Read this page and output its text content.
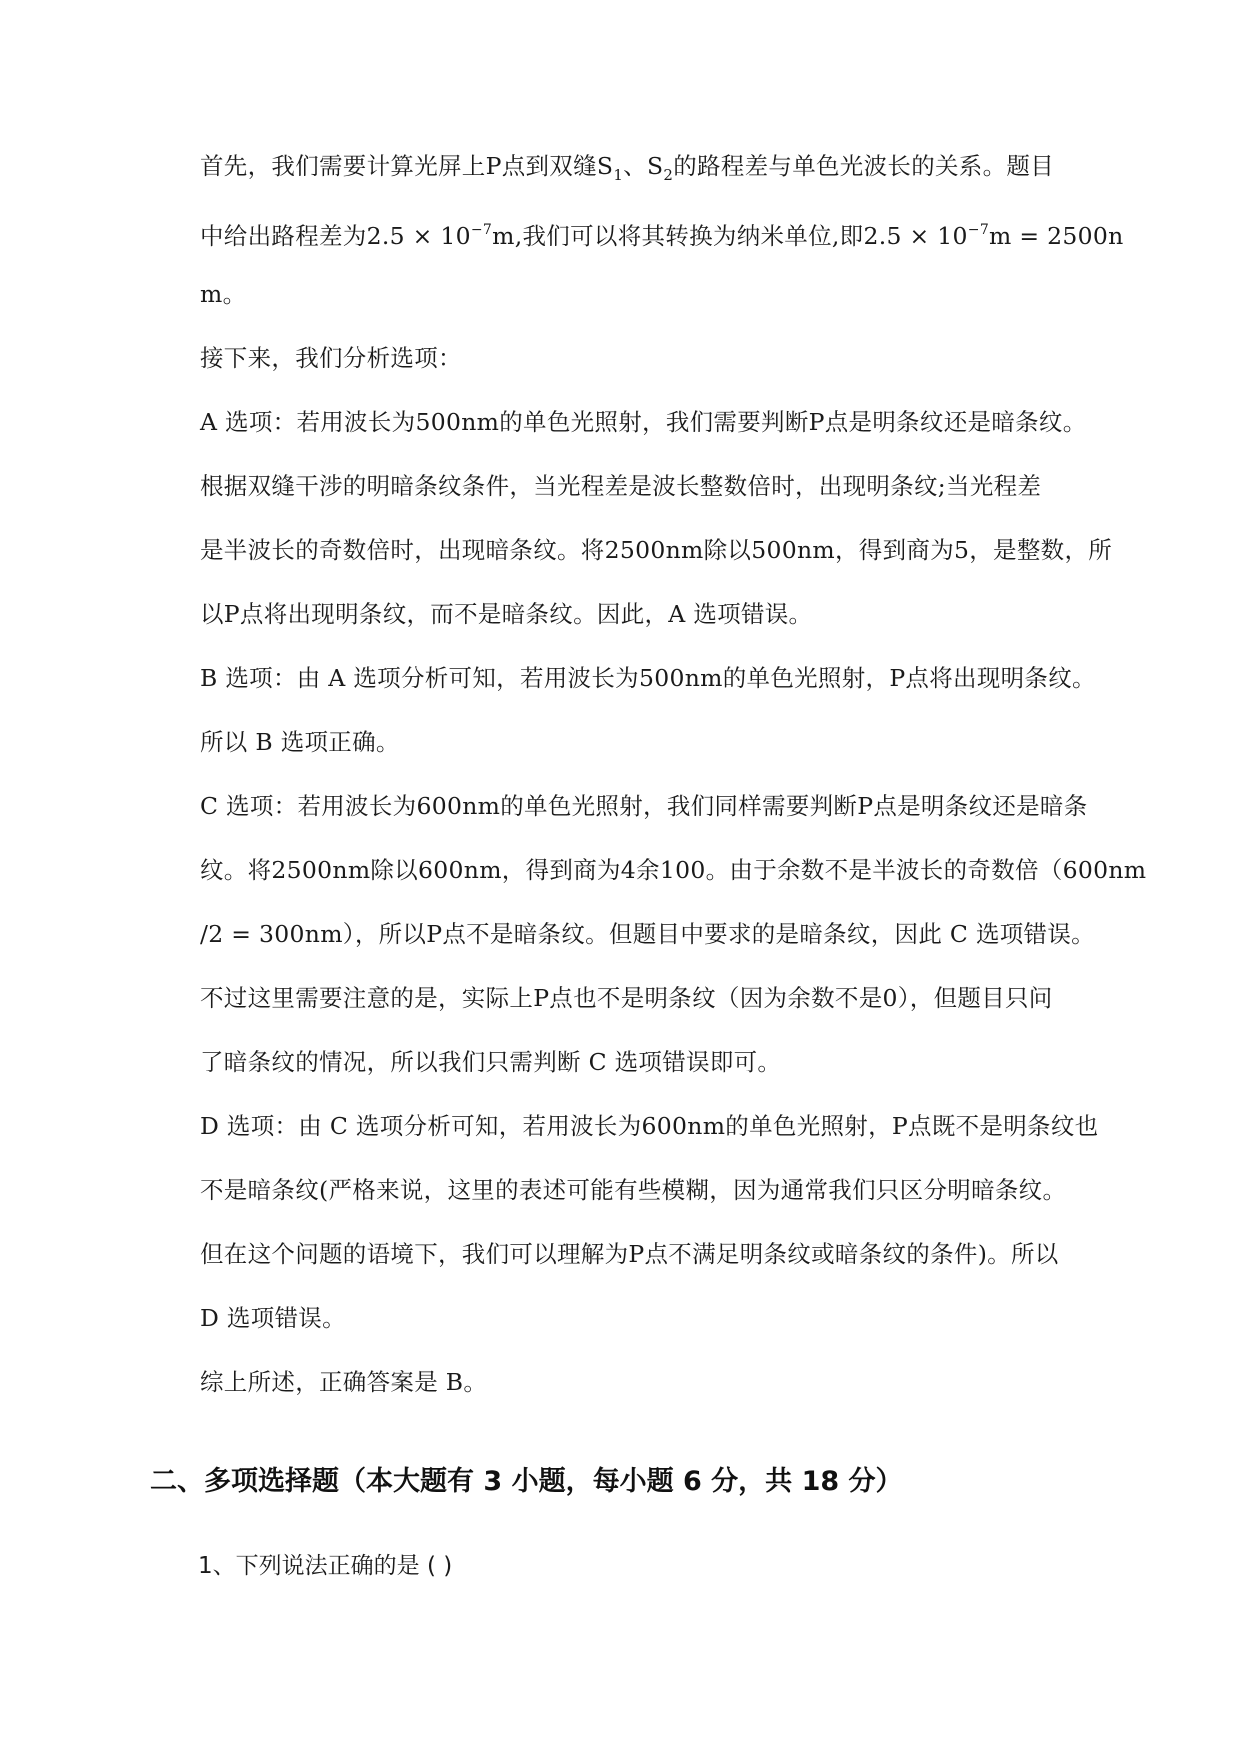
首先，我们需要计算光屏上P点到双缝$S_1$、$S_2$的路程差与单色光波长的关系。题目
中给出路程差为$2.5 \times 10^{-7}m$,我们可以将其转换为纳米单位,即$2.5 \times 10^{-7}m = 2500n$
m。
接下来，我们分析选项：
A 选项：若用波长为500nm的单色光照射，我们需要判断P点是明条纹还是暗条纹。
根据双缝干涉的明暗条纹条件，当光程差是波长整数倍时，出现明条纹;当光程差
是半波长的奇数倍时，出现暗条纹。将2500nm除以500nm，得到商为5，是整数，所
以P点将出现明条纹，而不是暗条纹。因此，A 选项错误。
B 选项：由 A 选项分析可知，若用波长为500nm的单色光照射，P点将出现明条纹。
所以 B 选项正确。
C 选项：若用波长为600nm的单色光照射，我们同样需要判断P点是明条纹还是暗条
纹。将2500nm除以600nm，得到商为4余100。由于余数不是半波长的奇数倍（600nm
/2 = 300nm），所以P点不是暗条纹。但题目中要求的是暗条纹，因此 C 选项错误。
不过这里需要注意的是，实际上P点也不是明条纹（因为余数不是0），但题目只问
了暗条纹的情况，所以我们只需判断 C 选项错误即可。
D 选项：由 C 选项分析可知，若用波长为600nm的单色光照射，P点既不是明条纹也
不是暗条纹(严格来说，这里的表述可能有些模糊，因为通常我们只区分明暗条纹。
但在这个问题的语境下，我们可以理解为P点不满足明条纹或暗条纹的条件)。所以
D 选项错误。
综上所述，正确答案是 B。
二、多项选择题（本大题有 3 小题，每小题 6 分，共 18 分）

1、下列说法正确的是 ( )
